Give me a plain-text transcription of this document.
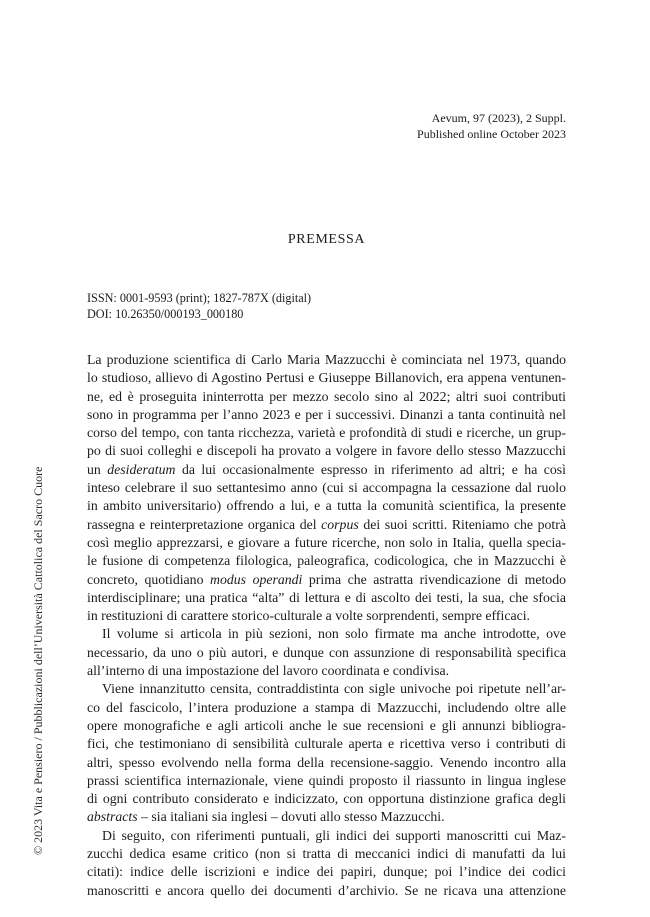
Aevum, 97 (2023), 2 Suppl.
Published online October 2023
PREMESSA
ISSN: 0001-9593 (print); 1827-787X (digital)
DOI: 10.26350/000193_000180
La produzione scientifica di Carlo Maria Mazzucchi è cominciata nel 1973, quando
lo studioso, allievo di Agostino Pertusi e Giuseppe Billanovich, era appena ventunen-
ne, ed è proseguita ininterrotta per mezzo secolo sino al 2022; altri suoi contributi
sono in programma per l’anno 2023 e per i successivi. Dinanzi a tanta continuità nel
corso del tempo, con tanta ricchezza, varietà e profondità di studi e ricerche, un grup-
po di suoi colleghi e discepoli ha provato a volgere in favore dello stesso Mazzucchi
un desideratum da lui occasionalmente espresso in riferimento ad altri; e ha così
inteso celebrare il suo settantesimo anno (cui si accompagna la cessazione dal ruolo
in ambito universitario) offrendo a lui, e a tutta la comunità scientifica, la presente
rassegna e reinterpretazione organica del corpus dei suoi scritti. Riteniamo che potrà
così meglio apprezzarsi, e giovare a future ricerche, non solo in Italia, quella specia-
le fusione di competenza filologica, paleografica, codicologica, che in Mazzucchi è
concreto, quotidiano modus operandi prima che astratta rivendicazione di metodo
interdisciplinare; una pratica “alta” di lettura e di ascolto dei testi, la sua, che sfocia
in restituzioni di carattere storico-culturale a volte sorprendenti, sempre efficaci.
Il volume si articola in più sezioni, non solo firmate ma anche introdotte, ove
necessario, da uno o più autori, e dunque con assunzione di responsabilità specifica
all’interno di una impostazione del lavoro coordinata e condivisa.
Viene innanzitutto censita, contraddistinta con sigle univoche poi ripetute nell’ar-
co del fascicolo, l’intera produzione a stampa di Mazzucchi, includendo oltre alle
opere monografiche e agli articoli anche le sue recensioni e gli annunzi bibliogra-
fici, che testimoniano di sensibilità culturale aperta e ricettiva verso i contributi di
altri, spesso evolvendo nella forma della recensione-saggio. Venendo incontro alla
prassi scientifica internazionale, viene quindi proposto il riassunto in lingua inglese
di ogni contributo considerato e indicizzato, con opportuna distinzione grafica degli
abstracts – sia italiani sia inglesi – dovuti allo stesso Mazzucchi.
Di seguito, con riferimenti puntuali, gli indici dei supporti manoscritti cui Maz-
zucchi dedica esame critico (non si tratta di meccanici indici di manufatti da lui
citati): indice delle iscrizioni e indice dei papiri, dunque; poi l’indice dei codici
manoscritti e ancora quello dei documenti d’archivio. Se ne ricava una attenzione
© 2023 Vita e Pensiero / Pubblicazioni dell’Università Cattolica del Sacro Cuore
